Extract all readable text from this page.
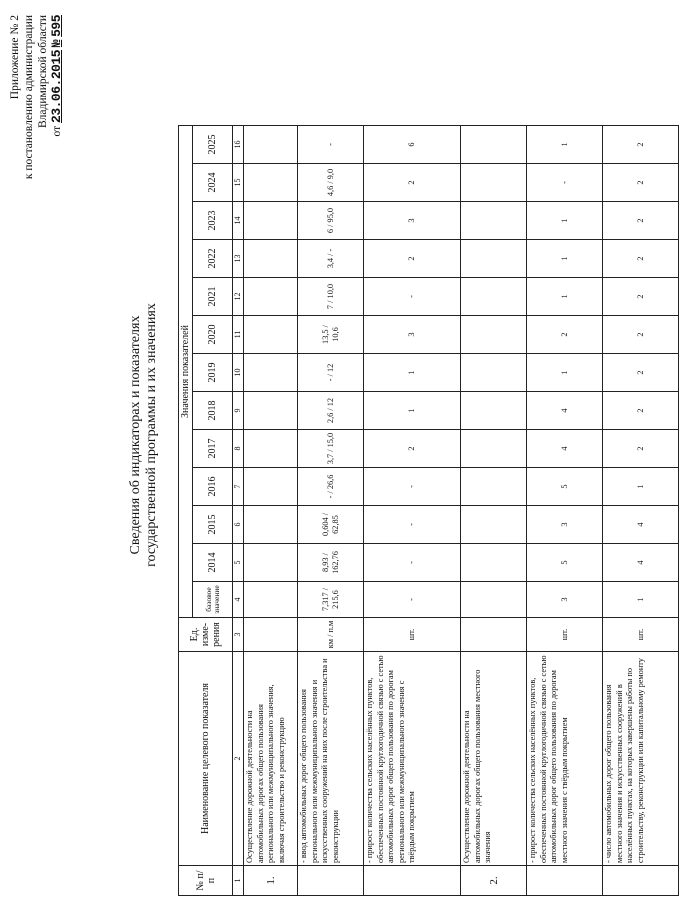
Приложение № 2 к постановлению администрации Владимирской области
от 23.06.2015 № 595
Сведения об индикаторах и показателях государственной программы и их значениях
№ п/п	Наименование целевого показателя	Ед. изме-рения	Значения показателей												
			базовое значение	2014	2015	2016	2017	2018	2019	2020	2021	2022	2023	2024	2025
1	2	3	4	5	6	7	8	9	10	11	12	13	14	15	16
1.	Осуществление дорожной деятельности на автомобильных дорогах общего пользования регионального или межмуниципального значения, включая строительство и реконструкцию														
	- ввод автомобильных дорог общего пользования регионального или межмуниципального значения и искусственных сооружений на них после строительства и реконструкции	км / п.м	7,317 / 215,6	8,93 / 162,76	0,604 / 62,85	- / 26,6	3,7 / 15,0	2,6 / 12	- / 12	13,5 / 10,6	7 / 10,0	3,4 / -	6 / 95,0	4,6 / 9,0	-
	- прирост количества сельских населённых пунктов, обеспеченных постоянной круглогодичной связью с сетью автомобильных дорог общего пользования по дорогам регионального или межмуниципального значения с твёрдым покрытием	шт.	-	-	-	-	2	1	1	3	-	2	3	2	6
2.	Осуществление дорожной деятельности на автомобильных дорогах общего пользования местного значения														
	- прирост количества сельских населённых пунктов, обеспеченных постоянной круглогодичной связью с сетью автомобильных дорог общего пользования по дорогам местного значения с твёрдым покрытием	шт.	3	5	3	5	4	4	1	2	1	1	1	-	1
	- число автомобильных дорог общего пользования местного значения и искусственных сооружений в населённых пунктах, на которых завершены работы по строительству, реконструкции или капитальному ремонту	шт.	1	4	4	1	2	2	2	2	2	2	2	2	2
